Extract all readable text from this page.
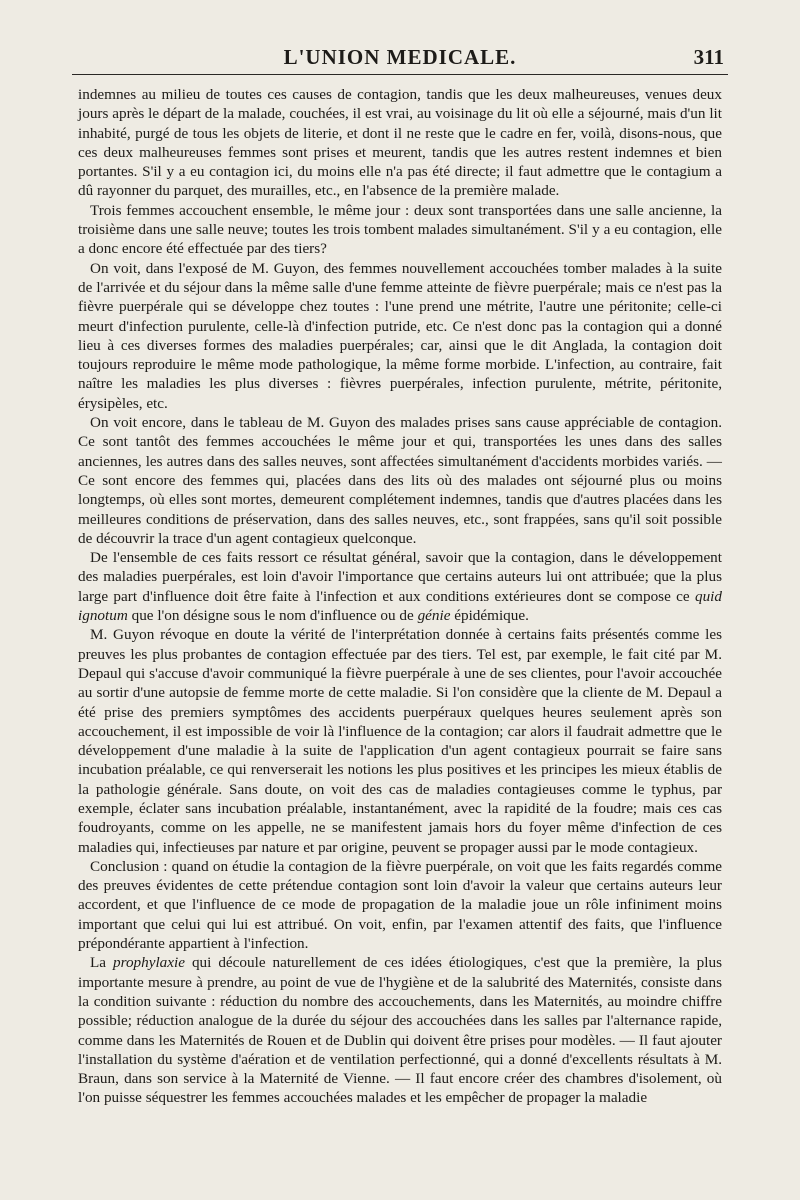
L'UNION MEDICALE.	311

indemnes au milieu de toutes ces causes de contagion, tandis que les deux malheureuses, venues deux jours après le départ de la malade, couchées, il est vrai, au voisinage du lit où elle a séjourné, mais d'un lit inhabité, purgé de tous les objets de literie, et dont il ne reste que le cadre en fer, voilà, disons-nous, que ces deux malheureuses femmes sont prises et meurent, tandis que les autres restent indemnes et bien portantes. S'il y a eu contagion ici, du moins elle n'a pas été directe; il faut admettre que le contagium a dû rayonner du parquet, des murailles, etc., en l'absence de la première malade.

Trois femmes accouchent ensemble, le même jour : deux sont transportées dans une salle ancienne, la troisième dans une salle neuve; toutes les trois tombent malades simultanément. S'il y a eu contagion, elle a donc encore été effectuée par des tiers?

On voit, dans l'exposé de M. Guyon, des femmes nouvellement accouchées tomber malades à la suite de l'arrivée et du séjour dans la même salle d'une femme atteinte de fièvre puerpérale; mais ce n'est pas la fièvre puerpérale qui se développe chez toutes : l'une prend une métrite, l'autre une péritonite; celle-ci meurt d'infection purulente, celle-là d'infection putride, etc. Ce n'est donc pas la contagion qui a donné lieu à ces diverses formes des maladies puerpérales; car, ainsi que le dit Anglada, la contagion doit toujours reproduire le même mode pathologique, la même forme morbide. L'infection, au contraire, fait naître les maladies les plus diverses : fièvres puerpérales, infection purulente, métrite, péritonite, érysipèles, etc.

On voit encore, dans le tableau de M. Guyon des malades prises sans cause appréciable de contagion. Ce sont tantôt des femmes accouchées le même jour et qui, transportées les unes dans des salles anciennes, les autres dans des salles neuves, sont affectées simultanément d'accidents morbides variés. — Ce sont encore des femmes qui, placées dans des lits où des malades ont séjourné plus ou moins longtemps, où elles sont mortes, demeurent complétement indemnes, tandis que d'autres placées dans les meilleures conditions de préservation, dans des salles neuves, etc., sont frappées, sans qu'il soit possible de découvrir la trace d'un agent contagieux quelconque.

De l'ensemble de ces faits ressort ce résultat général, savoir que la contagion, dans le développement des maladies puerpérales, est loin d'avoir l'importance que certains auteurs lui ont attribuée; que la plus large part d'influence doit être faite à l'infection et aux conditions extérieures dont se compose ce quid ignotum que l'on désigne sous le nom d'influence ou de génie épidémique.

M. Guyon révoque en doute la vérité de l'interprétation donnée à certains faits présentés comme les preuves les plus probantes de contagion effectuée par des tiers. Tel est, par exemple, le fait cité par M. Depaul qui s'accuse d'avoir communiqué la fièvre puerpérale à une de ses clientes, pour l'avoir accouchée au sortir d'une autopsie de femme morte de cette maladie. Si l'on considère que la cliente de M. Depaul a été prise des premiers symptômes des accidents puerpéraux quelques heures seulement après son accouchement, il est impossible de voir là l'influence de la contagion; car alors il faudrait admettre que le développement d'une maladie à la suite de l'application d'un agent contagieux pourrait se faire sans incubation préalable, ce qui renverserait les notions les plus positives et les principes les mieux établis de la pathologie générale. Sans doute, on voit des cas de maladies contagieuses comme le typhus, par exemple, éclater sans incubation préalable, instantanément, avec la rapidité de la foudre; mais ces cas foudroyants, comme on les appelle, ne se manifestent jamais hors du foyer même d'infection de ces maladies qui, infectieuses par nature et par origine, peuvent se propager aussi par le mode contagieux.

Conclusion : quand on étudie la contagion de la fièvre puerpérale, on voit que les faits regardés comme des preuves évidentes de cette prétendue contagion sont loin d'avoir la valeur que certains auteurs leur accordent, et que l'influence de ce mode de propagation de la maladie joue un rôle infiniment moins important que celui qui lui est attribué. On voit, enfin, par l'examen attentif des faits, que l'influence prépondérante appartient à l'infection.

La prophylaxie qui découle naturellement de ces idées étiologiques, c'est que la première, la plus importante mesure à prendre, au point de vue de l'hygiène et de la salubrité des Maternités, consiste dans la condition suivante : réduction du nombre des accouchements, dans les Maternités, au moindre chiffre possible; réduction analogue de la durée du séjour des accouchées dans les salles par l'alternance rapide, comme dans les Maternités de Rouen et de Dublin qui doivent être prises pour modèles. — Il faut ajouter l'installation du système d'aération et de ventilation perfectionné, qui a donné d'excellents résultats à M. Braun, dans son service à la Maternité de Vienne. — Il faut encore créer des chambres d'isolement, où l'on puisse séquestrer les femmes accouchées malades et les empêcher de propager la maladie
